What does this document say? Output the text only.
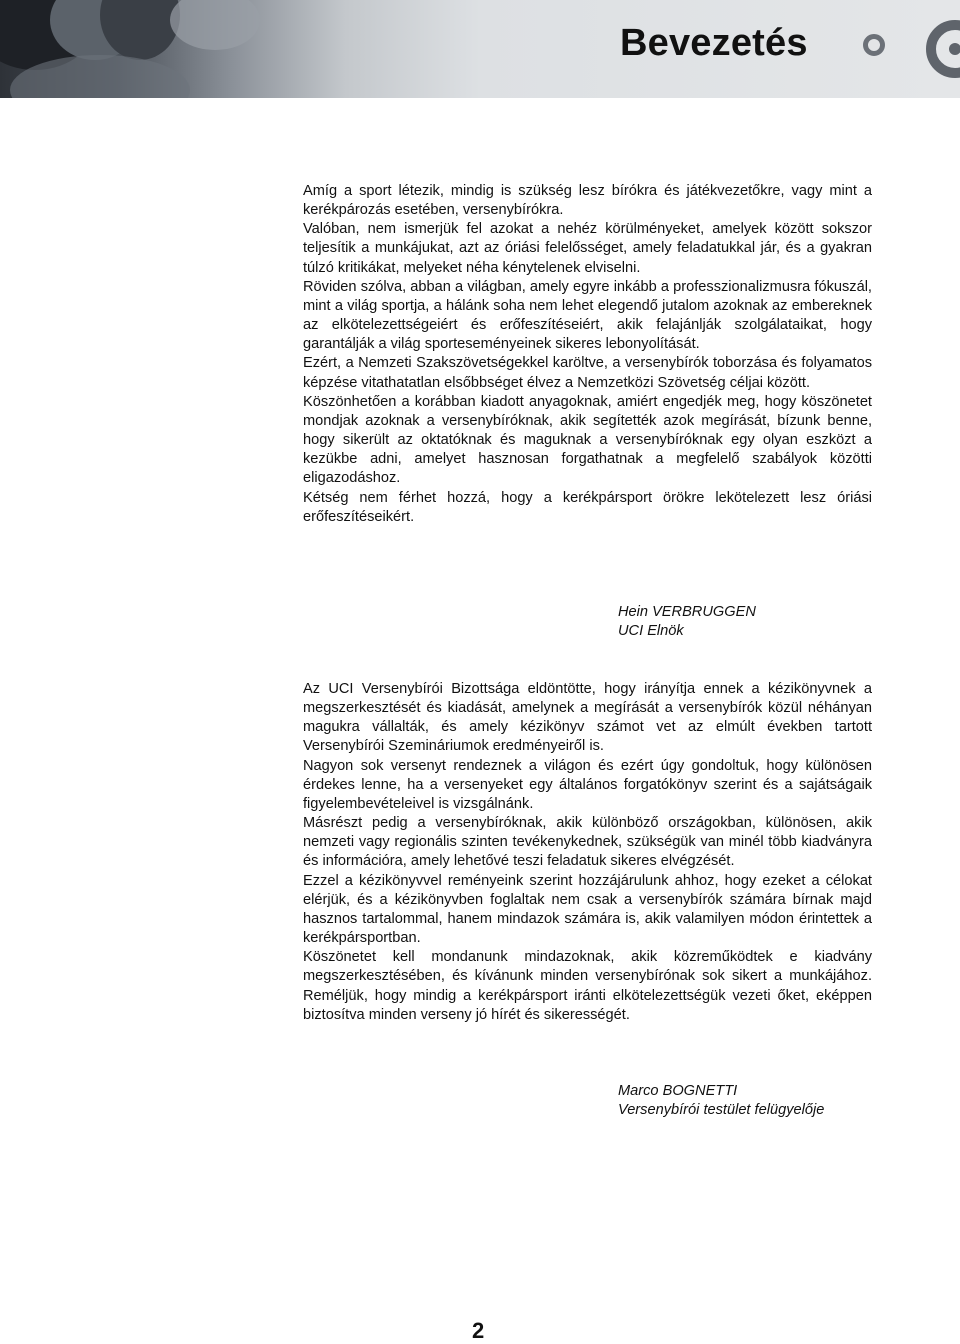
Bevezetés

Amíg a sport létezik, mindig is szükség lesz bírókra és játékvezetőkre, vagy mint a kerékpározás esetében, versenybírókra.

Valóban, nem ismerjük fel azokat a nehéz körülményeket, amelyek között sokszor teljesítik a munkájukat, azt az óriási felelősséget, amely feladatukkal jár, és a gyakran túlzó kritikákat, melyeket néha kénytelenek elviselni.

Röviden szólva, abban a világban, amely egyre inkább a professzionalizmusra fókuszál, mint a világ sportja, a hálánk soha nem lehet elegendő jutalom azoknak az embereknek az elkötelezettségeiért és erőfeszítéseiért, akik felajánlják szolgálataikat, hogy garantálják a világ sporteseményeinek sikeres lebonyolítását.

Ezért, a Nemzeti Szakszövetségekkel karöltve, a versenybírók toborzása és folyamatos képzése vitathatatlan elsőbbséget élvez a Nemzetközi Szövetség céljai között.

Köszönhetően a korábban kiadott anyagoknak, amiért engedjék meg, hogy köszönetet mondjak azoknak a versenybíróknak, akik segítették azok megírását, bízunk benne, hogy sikerült az oktatóknak és maguknak a versenybíróknak egy olyan eszközt a kezükbe adni, amelyet hasznosan forgathatnak a megfelelő szabályok közötti eligazodáshoz.

Kétség nem férhet hozzá, hogy a kerékpársport örökre lekötelezett lesz óriási erőfeszítéseikért.

Hein VERBRUGGEN
UCI Elnök

Az UCI Versenybírói Bizottsága eldöntötte, hogy irányítja ennek a kézikönyvnek a megszerkesztését és kiadását, amelynek a megírását a versenybírók közül néhányan magukra vállalták, és amely kézikönyv számot vet az elmúlt években tartott Versenybírói Szemináriumok eredményeiről is.

Nagyon sok versenyt rendeznek a világon és ezért úgy gondoltuk, hogy különösen érdekes lenne, ha a versenyeket egy általános forgatókönyv szerint és a sajátságaik figyelembevételeivel is vizsgálnánk.

Másrészt pedig a versenybíróknak, akik különböző országokban, különösen, akik nemzeti vagy regionális szinten tevékenykednek, szükségük van minél több kiadványra és információra, amely lehetővé teszi feladatuk sikeres elvégzését.

Ezzel a kézikönyvvel reményeink szerint hozzájárulunk ahhoz, hogy ezeket a célokat elérjük, és a kézikönyvben foglaltak nem csak a versenybírók számára bírnak majd hasznos tartalommal, hanem mindazok számára is, akik valamilyen módon érintettek a kerékpársportban.

Köszönetet kell mondanunk mindazoknak, akik közreműködtek e kiadvány megszerkesztésében, és kívánunk minden versenybírónak sok sikert a munkájához. Reméljük, hogy mindig a kerékpársport iránti elkötelezettségük vezeti őket, eképpen biztosítva minden verseny jó hírét és sikerességét.

Marco BOGNETTI
Versenybírói testület felügyelője
2
